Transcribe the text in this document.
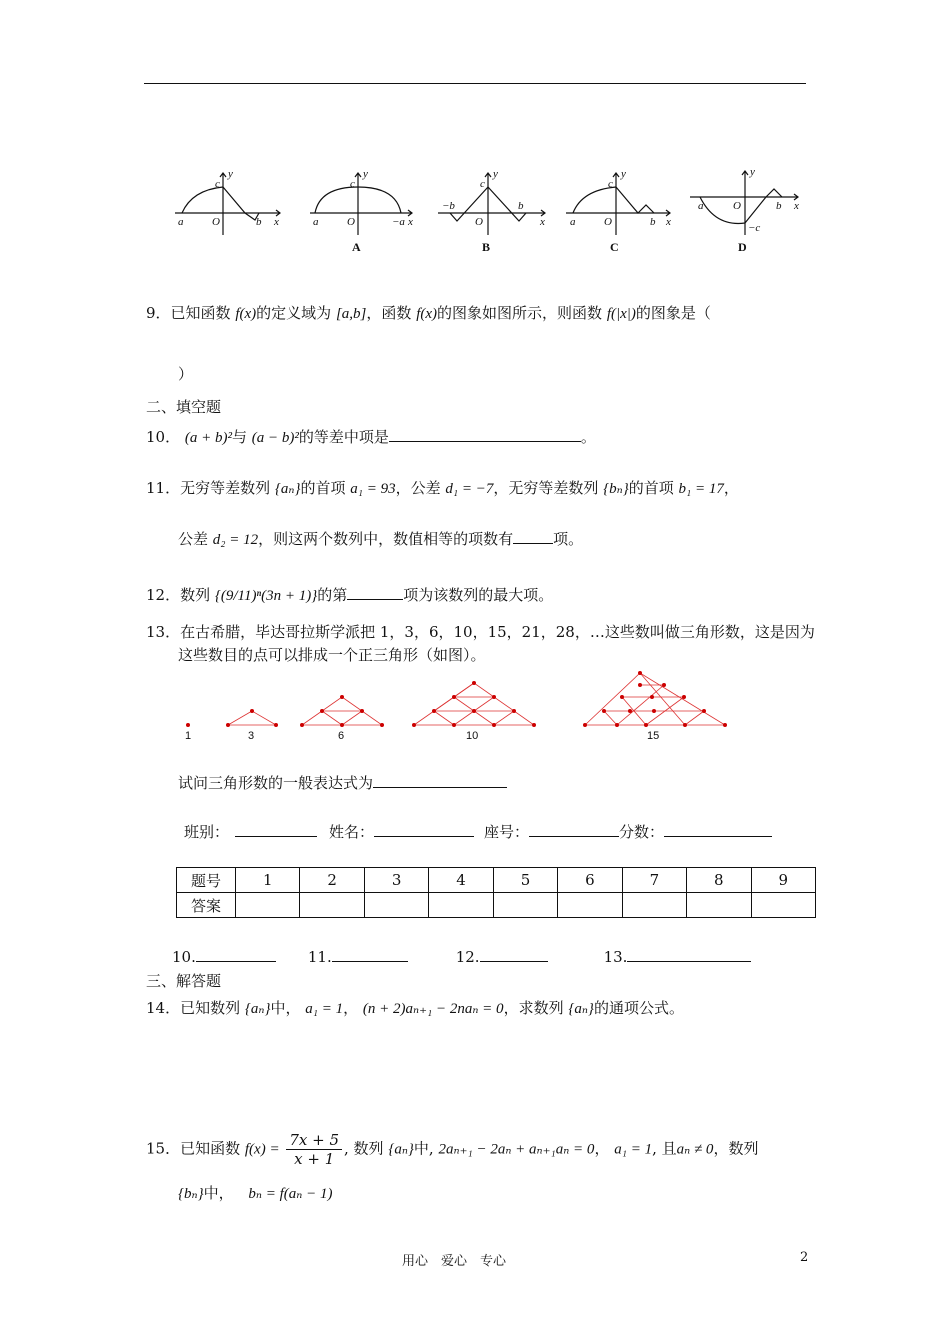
a	O	b x
y
c
a	O	−a x
y
c
A
−b
O
b
x
y
c
B
a	O	b x
y
c
C
a	O	b x
y
−c
D
9．已知函数 f(x)的定义域为 [a,b]，函数 f(x)的图象如图所示，则函数 f(|x|)的图象是（
）
二、填空题
10． (a + b)²与 (a − b)²的等差中项是	。
11．无穷等差数列 {aₙ}的首项 a₁ = 93，公差 d₁ = −7，无穷等差数列 {bₙ}的首项 b₁ = 17，
公差 d₂ = 12，则这两个数列中，数值相等的项数有	项。
12．数列 {(9/11)ⁿ(3n + 1)}的第	项为该数列的最大项。
13．在古希腊，毕达哥拉斯学派把 1，3，6，10，15，21，28，…这些数叫做三角形数，这是因为
这些数目的点可以排成一个正三角形（如图）。
1	3	6	10	15
试问三角形数的一般表达式为
班别：	姓名：	座号：	分数：
题号	1	2	3	4	5	6	7	8	9
答案									
10.	11.	12.	13.
三、解答题
14．已知数列 {aₙ}中， a₁ = 1， (n + 2)aₙ₊₁ − 2naₙ = 0，求数列 {aₙ}的通项公式。
15．已知函数 $f(x) = \frac{7x + 5}{x + 1}$ , 数列 {aₙ}中, 2aₙ₊₁ − 2aₙ + aₙ₊₁aₙ = 0， a₁ = 1, 且aₙ ≠ 0，数列
{bₙ}中， bₙ = f(aₙ − 1)
用心　爱心　专心	2
